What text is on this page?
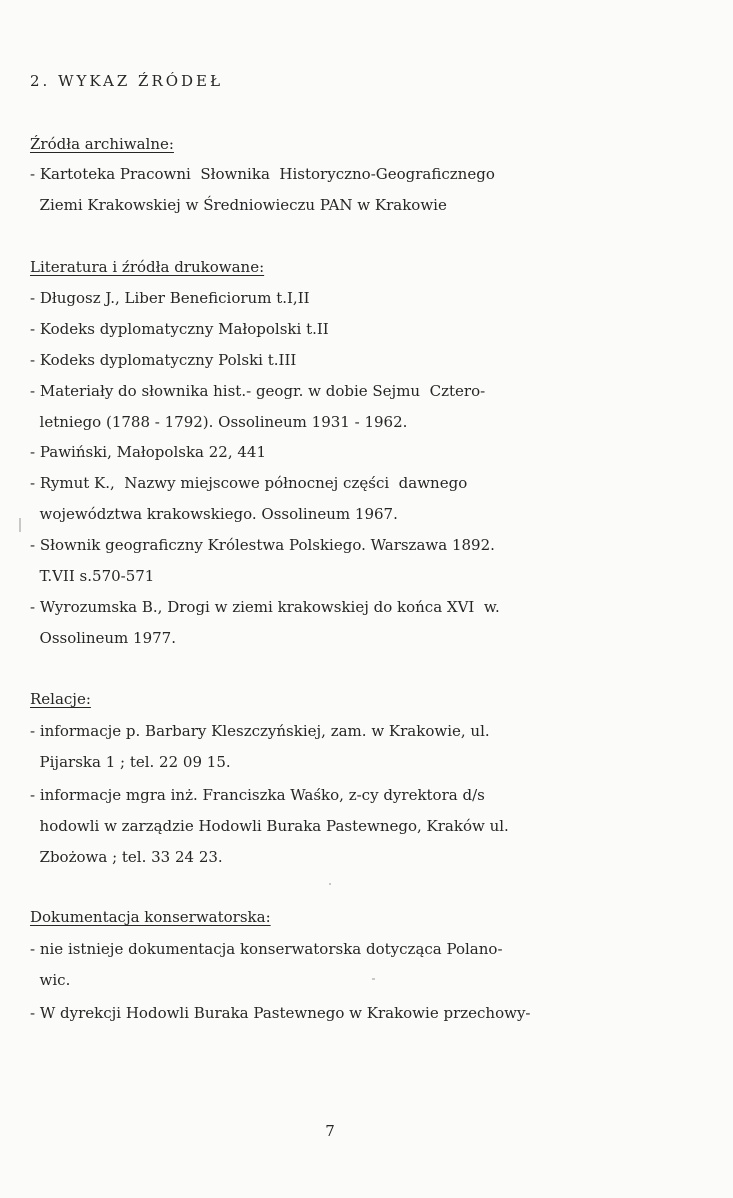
2. WYKAZ ŹRÓDEŁ
Źródła archiwalne:
- Kartoteka Pracowni  Słownika  Historyczno-Geograficznego
Ziemi Krakowskiej w Średniowieczu PAN w Krakowie
Literatura i źródła drukowane:
- Długosz J., Liber Beneficiorum t.I,II
- Kodeks dyplomatyczny Małopolski t.II
- Kodeks dyplomatyczny Polski t.III
- Materiały do słownika hist.- geogr. w dobie Sejmu  Cztero-
letniego (1788 - 1792). Ossolineum 1931 - 1962.
- Pawiński, Małopolska 22, 441
- Rymut K.,  Nazwy miejscowe północnej części  dawnego
województwa krakowskiego. Ossolineum 1967.
- Słownik geograficzny Królestwa Polskiego. Warszawa 1892.
T.VII s.570-571
- Wyrozumska B., Drogi w ziemi krakowskiej do końca XVI  w.
Ossolineum 1977.
Relacje:
- informacje p. Barbary Kleszczyńskiej, zam. w Krakowie, ul.
Pijarska 1 ; tel. 22 09 15.
- informacje mgra inż. Franciszka Waśko, z-cy dyrektora d/s
hodowli w zarządzie Hodowli Buraka Pastewnego, Kraków ul.
Zbożowa ; tel. 33 24 23.
Dokumentacja konserwatorska:
- nie istnieje dokumentacja konserwatorska dotycząca Polano-
wic.
- W dyrekcji Hodowli Buraka Pastewnego w Krakowie przechowy-
7
